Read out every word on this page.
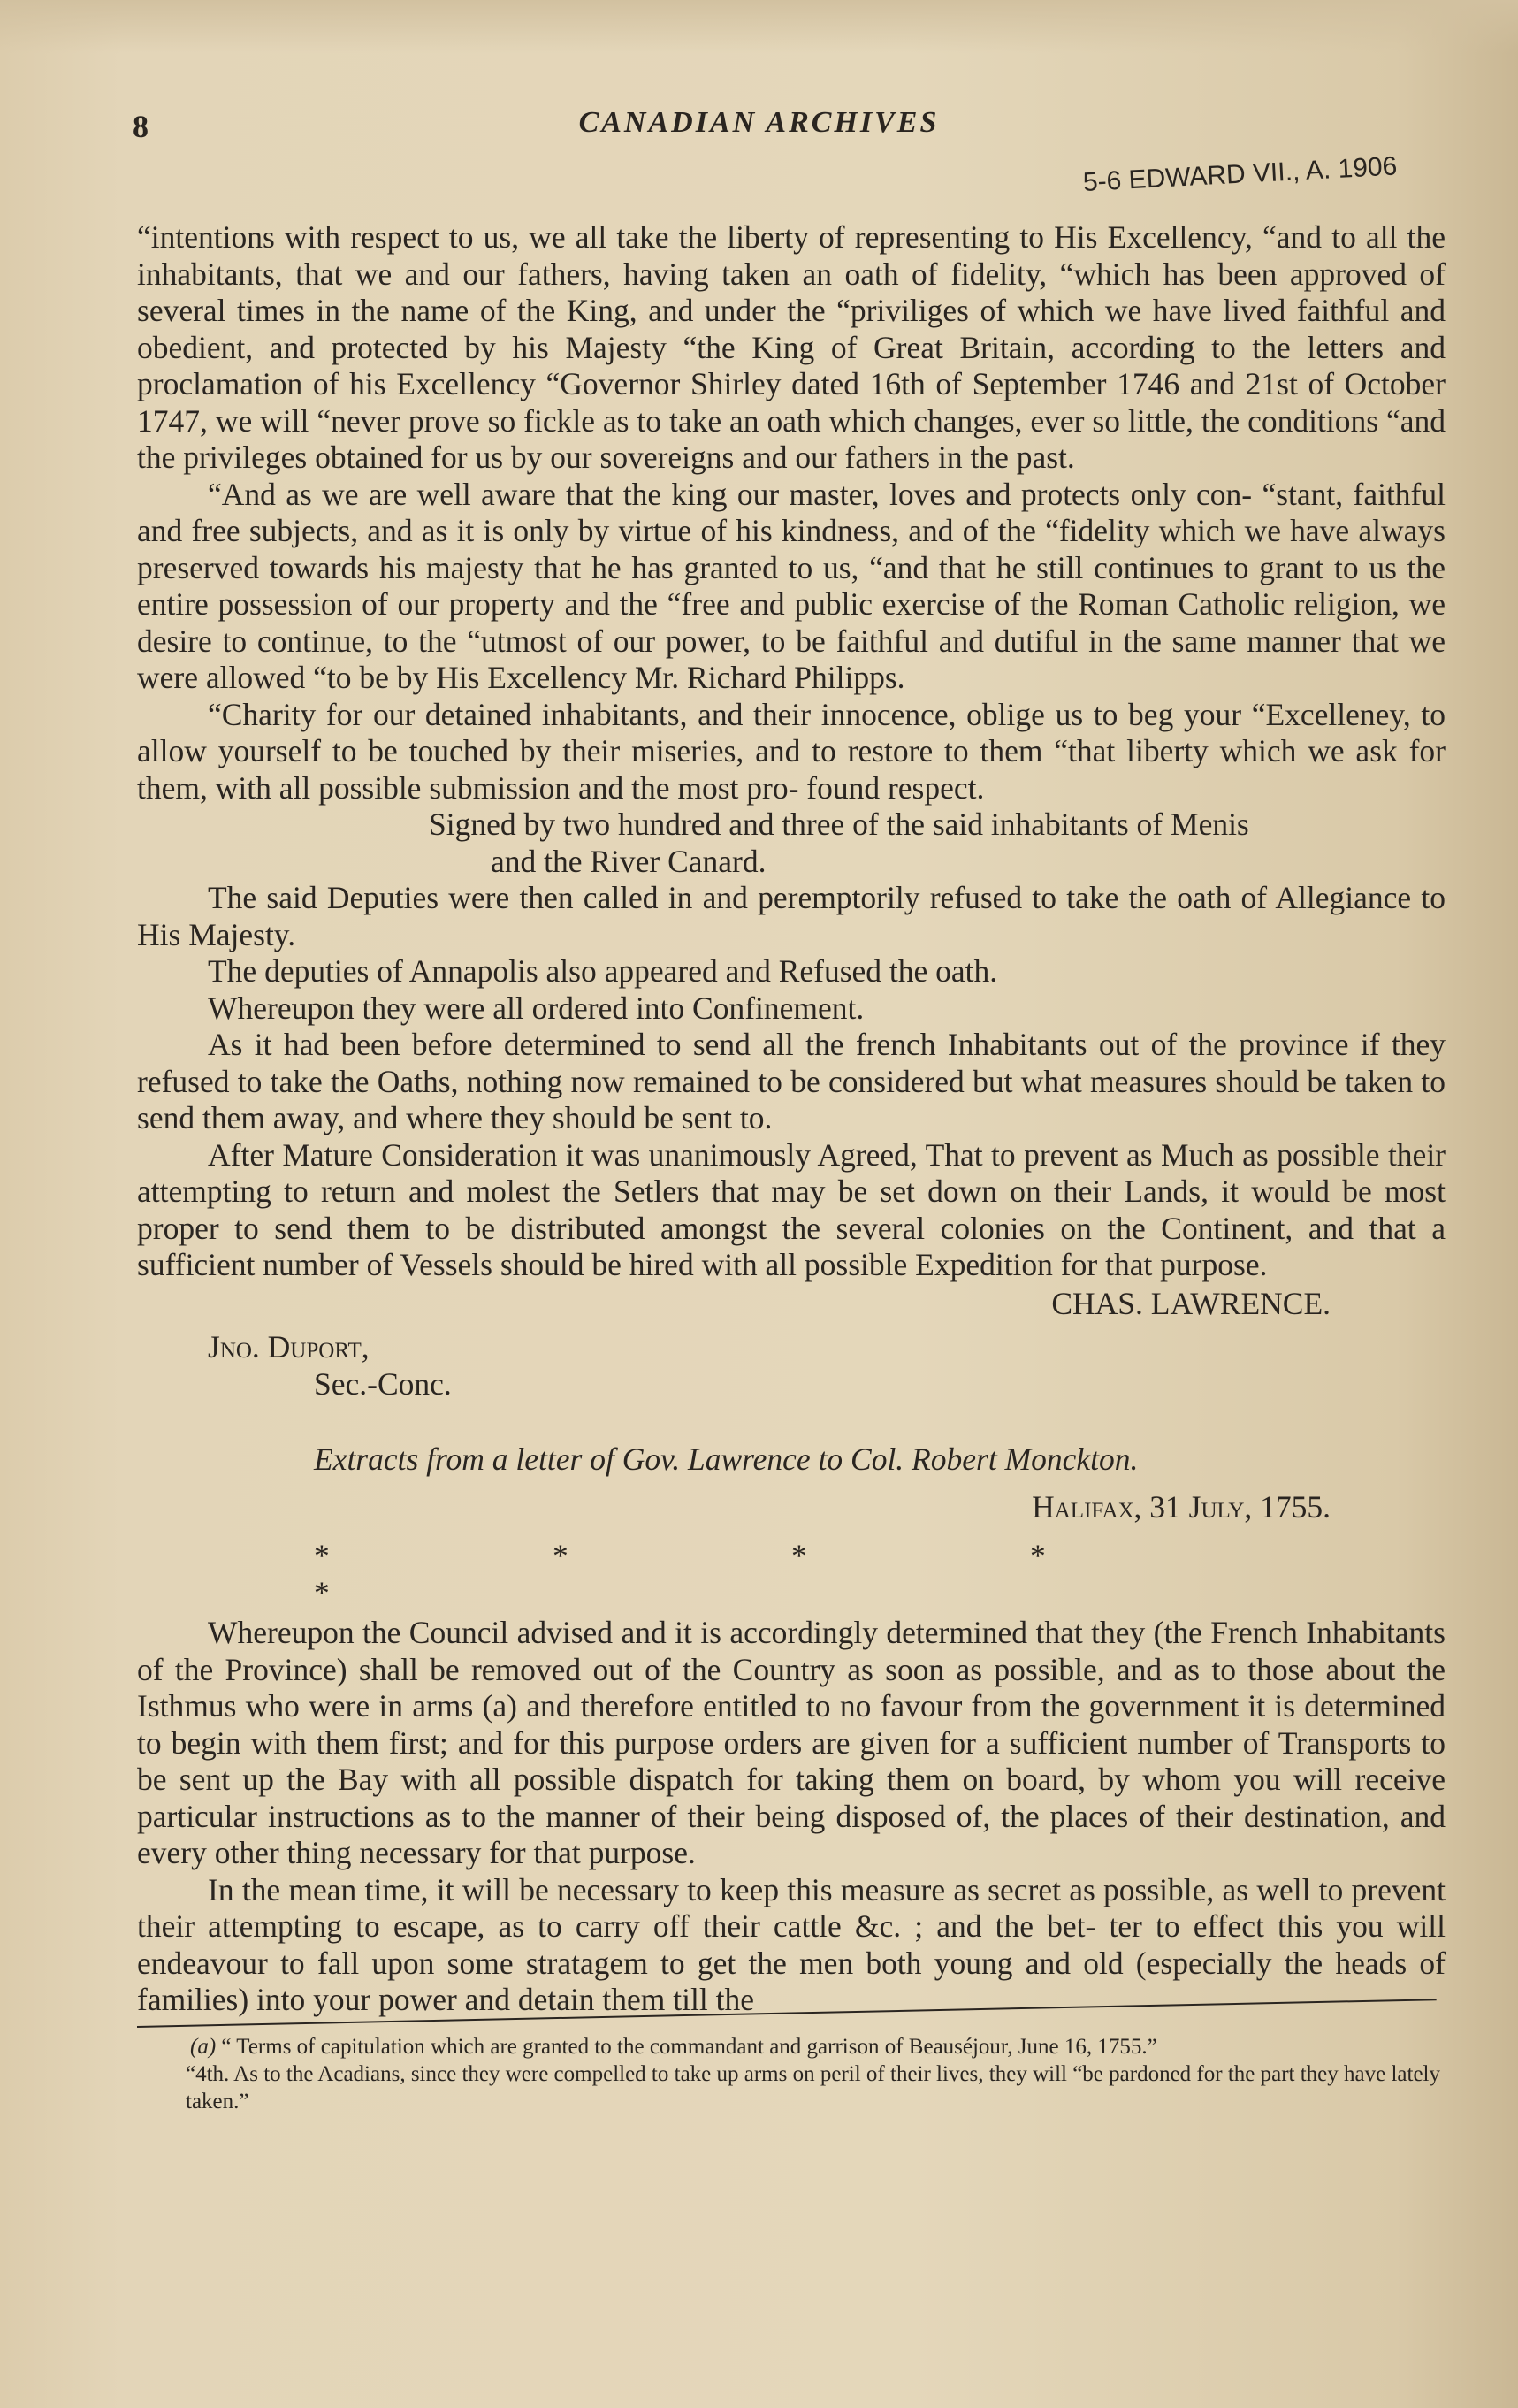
8	CANADIAN ARCHIVES
5-6 EDWARD VII., A. 1906

“intentions with respect to us, we all take the liberty of representing to His Excellency, “and to all the inhabitants, that we and our fathers, having taken an oath of fidelity, “which has been approved of several times in the name of the King, and under the “priviliges of which we have lived faithful and obedient, and protected by his Majesty “the King of Great Britain, according to the letters and proclamation of his Excellency “Governor Shirley dated 16th of September 1746 and 21st of October 1747, we will “never prove so fickle as to take an oath which changes, ever so little, the conditions “and the privileges obtained for us by our sovereigns and our fathers in the past.

“And as we are well aware that the king our master, loves and protects only con- “stant, faithful and free subjects, and as it is only by virtue of his kindness, and of the “fidelity which we have always preserved towards his majesty that he has granted to us, “and that he still continues to grant to us the entire possession of our property and the “free and public exercise of the Roman Catholic religion, we desire to continue, to the “utmost of our power, to be faithful and dutiful in the same manner that we were allowed “to be by His Excellency Mr. Richard Philipps.

“Charity for our detained inhabitants, and their innocence, oblige us to beg your “Excelleney, to allow yourself to be touched by their miseries, and to restore to them “that liberty which we ask for them, with all possible submission and the most pro- found respect.

Signed by two hundred and three of the said inhabitants of Menis

and the River Canard.

The said Deputies were then called in and peremptorily refused to take the oath of Allegiance to His Majesty.

The deputies of Annapolis also appeared and Refused the oath.

Whereupon they were all ordered into Confinement.

As it had been before determined to send all the french Inhabitants out of the province if they refused to take the Oaths, nothing now remained to be considered but what measures should be taken to send them away, and where they should be sent to.

After Mature Consideration it was unanimously Agreed, That to prevent as Much as possible their attempting to return and molest the Setlers that may be set down on their Lands, it would be most proper to send them to be distributed amongst the several colonies on the Continent, and that a sufficient number of Vessels should be hired with all possible Expedition for that purpose.

CHAS. LAWRENCE.

Jno. Duport,

Sec.-Conc.

Extracts from a letter of Gov. Lawrence to Col. Robert Monckton.

Halifax, 31 July, 1755.

*	*	*	**

Whereupon the Council advised and it is accordingly determined that they (the French Inhabitants of the Province) shall be removed out of the Country as soon as possible, and as to those about the Isthmus who were in arms (a) and therefore entitled to no favour from the government it is determined to begin with them first; and for this purpose orders are given for a sufficient number of Transports to be sent up the Bay with all possible dispatch for taking them on board, by whom you will receive particular instructions as to the manner of their being disposed of, the places of their destination, and every other thing necessary for that purpose.

In the mean time, it will be necessary to keep this measure as secret as possible, as well to prevent their attempting to escape, as to carry off their cattle &c. ; and the bet- ter to effect this you will endeavour to fall upon some stratagem to get the men both young and old (especially the heads of families) into your power and detain them till the

(a) “ Terms of capitulation which are granted to the commandant and garrison of Beauséjour, June 16, 1755.”

“4th. As to the Acadians, since they were compelled to take up arms on peril of their lives, they will “be pardoned for the part they have lately taken.”
